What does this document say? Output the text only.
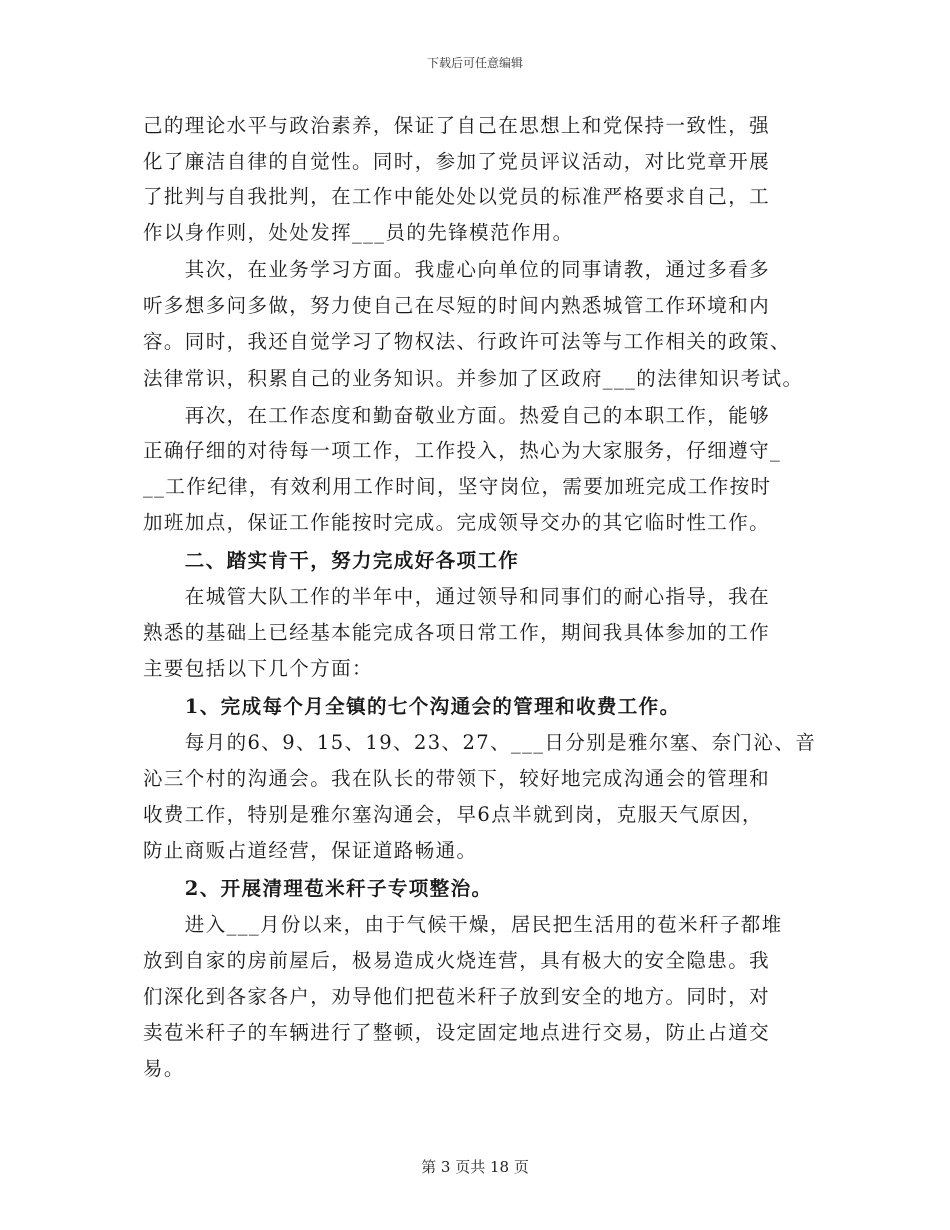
下载后可任意编辑
己的理论水平与政治素养，保证了自己在思想上和党保持一致性，强
化了廉洁自律的自觉性。同时，参加了党员评议活动，对比党章开展
了批判与自我批判，在工作中能处处以党员的标准严格要求自己，工
作以身作则，处处发挥___员的先锋模范作用。
　　其次，在业务学习方面。我虚心向单位的同事请教，通过多看多
听多想多问多做，努力使自己在尽短的时间内熟悉城管工作环境和内
容。同时，我还自觉学习了物权法、行政许可法等与工作相关的政策、
法律常识，积累自己的业务知识。并参加了区政府___的法律知识考试。
　　再次，在工作态度和勤奋敬业方面。热爱自己的本职工作，能够
正确仔细的对待每一项工作，工作投入，热心为大家服务，仔细遵守_
__工作纪律，有效利用工作时间，坚守岗位，需要加班完成工作按时
加班加点，保证工作能按时完成。完成领导交办的其它临时性工作。
　　二、踏实肯干，努力完成好各项工作
　　在城管大队工作的半年中，通过领导和同事们的耐心指导，我在
熟悉的基础上已经基本能完成各项日常工作，期间我具体参加的工作
主要包括以下几个方面：
　　1、完成每个月全镇的七个沟通会的管理和收费工作。
　　每月的6、9、15、19、23、27、___日分别是雅尔塞、奈门沁、音
沁三个村的沟通会。我在队长的带领下，较好地完成沟通会的管理和
收费工作，特别是雅尔塞沟通会，早6点半就到岗，克服天气原因，
防止商贩占道经营，保证道路畅通。
　　2、开展清理苞米秆子专项整治。
　　进入___月份以来，由于气候干燥，居民把生活用的苞米秆子都堆
放到自家的房前屋后，极易造成火烧连营，具有极大的安全隐患。我
们深化到各家各户，劝导他们把苞米秆子放到安全的地方。同时，对
卖苞米秆子的车辆进行了整顿，设定固定地点进行交易，防止占道交
易。
第 3 页共 18 页
